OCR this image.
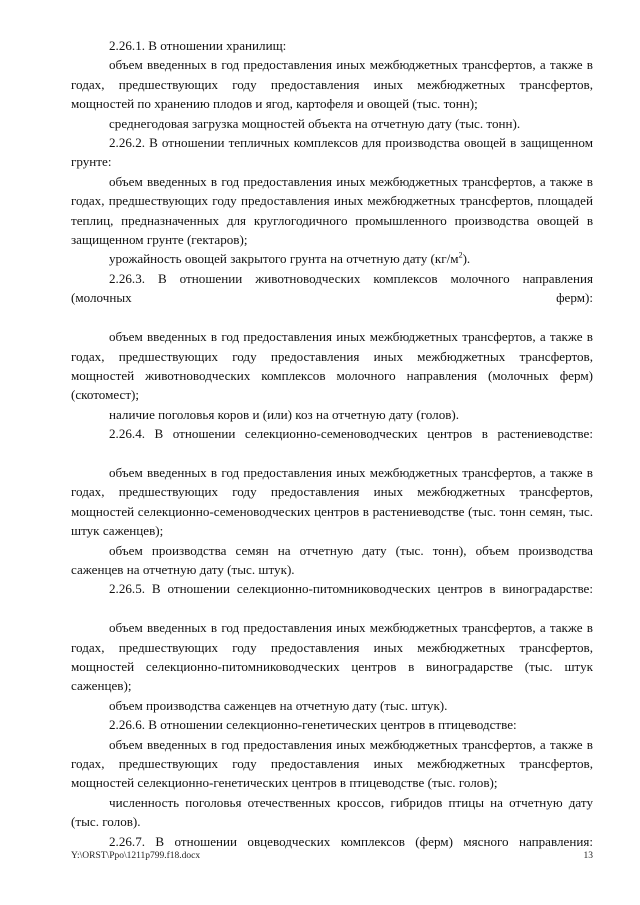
2.26.1. В отношении хранилищ:

объем введенных в год предоставления иных межбюджетных трансфертов, а также в годах, предшествующих году предоставления иных межбюджетных трансфертов, мощностей по хранению плодов и ягод, картофеля и овощей (тыс. тонн);

среднегодовая загрузка мощностей объекта на отчетную дату (тыс. тонн).

2.26.2. В отношении тепличных комплексов для производства овощей в защищенном грунте:

объем введенных в год предоставления иных межбюджетных трансфертов, а также в годах, предшествующих году предоставления иных межбюджетных трансфертов, площадей теплиц, предназначенных для круглогодичного промышленного производства овощей в защищенном грунте (гектаров);

урожайность овощей закрытого грунта на отчетную дату $(кг/м^2)$.

2.26.3. В отношении животноводческих комплексов молочного направления (молочных ферм):

объем введенных в год предоставления иных межбюджетных трансфертов, а также в годах, предшествующих году предоставления иных межбюджетных трансфертов, мощностей животноводческих комплексов молочного направления (молочных ферм) (скотомест);

наличие поголовья коров и (или) коз на отчетную дату (голов).

2.26.4. В отношении селекционно-семеноводческих центров в растениеводстве:

объем введенных в год предоставления иных межбюджетных трансфертов, а также в годах, предшествующих году предоставления иных межбюджетных трансфертов, мощностей селекционно-семеноводческих центров в растениеводстве (тыс. тонн семян, тыс. штук саженцев);

объем производства семян на отчетную дату (тыс. тонн), объем производства саженцев на отчетную дату (тыс. штук).

2.26.5. В отношении селекционно-питомниководческих центров в виноградарстве:

объем введенных в год предоставления иных межбюджетных трансфертов, а также в годах, предшествующих году предоставления иных межбюджетных трансфертов, мощностей селекционно-питомниководческих центров в виноградарстве (тыс. штук саженцев);

объем производства саженцев на отчетную дату (тыс. штук).

2.26.6. В отношении селекционно-генетических центров в птицеводстве:

объем введенных в год предоставления иных межбюджетных трансфертов, а также в годах, предшествующих году предоставления иных межбюджетных трансфертов, мощностей селекционно-генетических центров в птицеводстве (тыс. голов);

численность поголовья отечественных кроссов, гибридов птицы на отчетную дату (тыс. голов).

2.26.7. В отношении овцеводческих комплексов (ферм) мясного направления:

Y:\ORST\Ppo\1211p799.f18.docx	13
